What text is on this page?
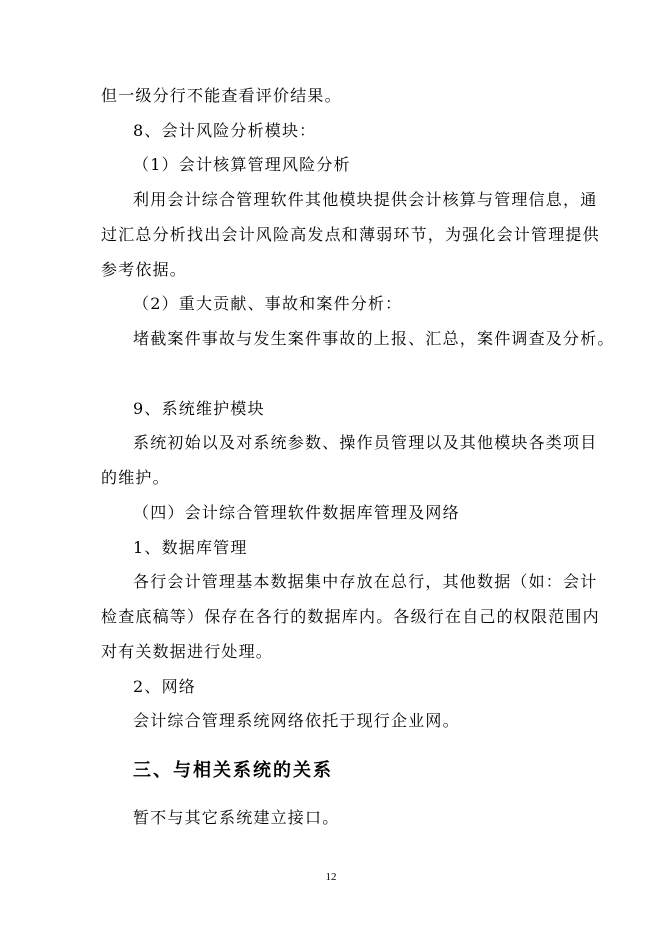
但一级分行不能查看评价结果。

8、会计风险分析模块：

（1）会计核算管理风险分析

利用会计综合管理软件其他模块提供会计核算与管理信息，通

过汇总分析找出会计风险高发点和薄弱环节，为强化会计管理提供

参考依据。

（2）重大贡献、事故和案件分析：

堵截案件事故与发生案件事故的上报、汇总，案件调查及分析。

9、系统维护模块

系统初始以及对系统参数、操作员管理以及其他模块各类项目

的维护。

（四）会计综合管理软件数据库管理及网络

1、数据库管理

各行会计管理基本数据集中存放在总行，其他数据（如：会计

检查底稿等）保存在各行的数据库内。各级行在自己的权限范围内

对有关数据进行处理。

2、网络

会计综合管理系统网络依托于现行企业网。

三、与相关系统的关系

暂不与其它系统建立接口。

12
